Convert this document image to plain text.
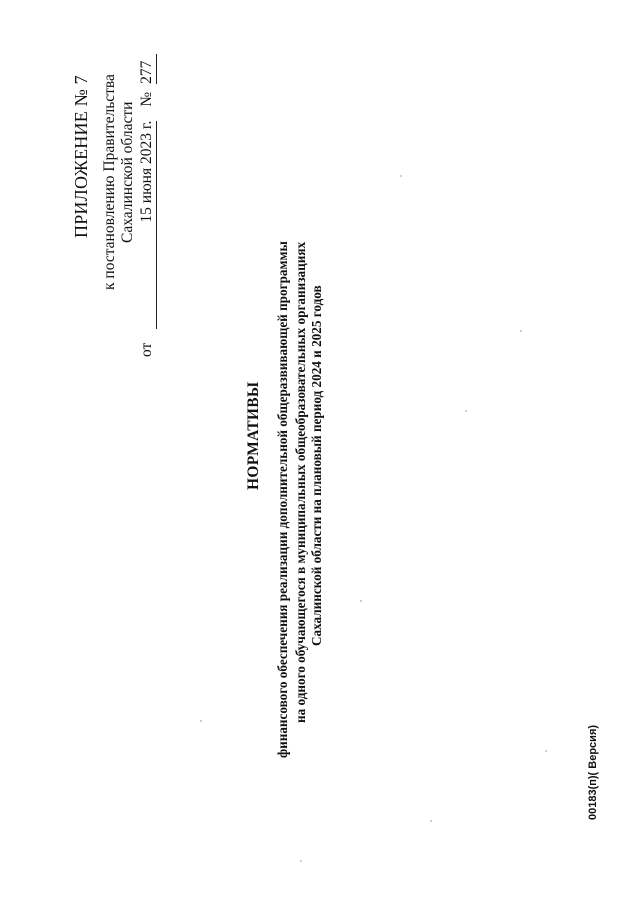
ПРИЛОЖЕНИЕ № 7 к постановлению Правительства Сахалинской области
от15 июня 2023 г.№277
НОРМАТИВЫ финансового обеспечения реализации дополнительной общеразвивающей программы на одного обучающегося в муниципальных общеобразовательных организациях Сахалинской области на плановый период 2024 и 2025 годов
00183(п)( Версия)
